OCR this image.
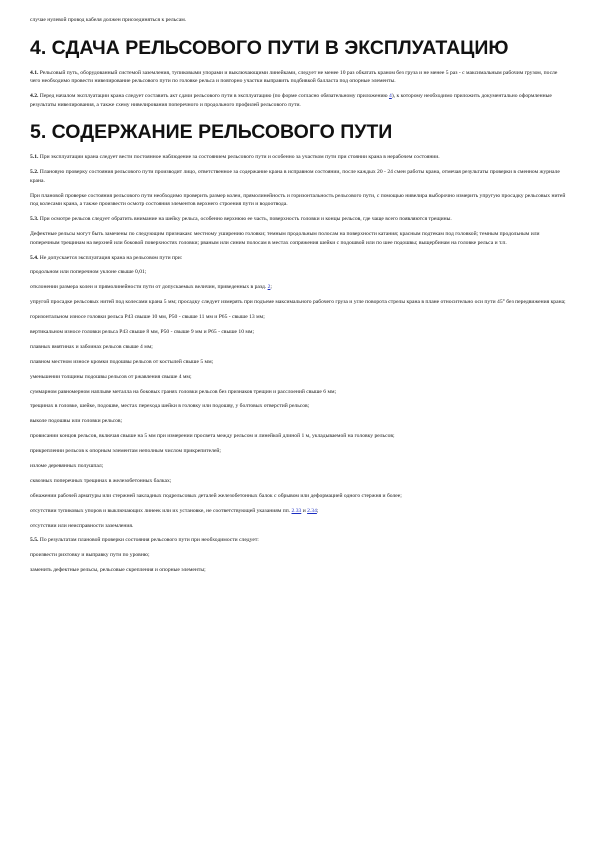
случае нулевой провод кабеля должен присоединяться к рельсам.

4. СДАЧА РЕЛЬСОВОГО ПУТИ В ЭКСПЛУАТАЦИЮ

4.1. Рельсовый путь, оборудованный системой заземления, тупиковыми упорами и выключающими линейками, следует не менее 10 раз обкатать краном без груза и не менее 5 раз - с максимальным рабочим грузом, после чего необходимо провести нивелирование рельсового пути по головке рельса и повторно участки выправить подбивкой балласта под опорные элементы.

4.2. Перед началом эксплуатации крана следует составить акт сдачи рельсового пути в эксплуатацию (по форме согласно обязательному приложению 4), к которому необходимо приложить документально оформленные результаты нивелирования, а также схему нивелирования поперечного и продольного профилей рельсового пути.

5. СОДЕРЖАНИЕ РЕЛЬСОВОГО ПУТИ

5.1. При эксплуатации крана следует вести постоянное наблюдение за состоянием рельсового пути и особенно за участком пути при стоянии крана в нерабочем состоянии.

5.2. Плановую проверку состояния рельсового пути производит лицо, ответственное за содержание крана в исправном состоянии, после каждых 20 - 24 смен работы крана, отмечая результаты проверки в сменном журнале крана.

При плановой проверке состояния рельсового пути необходимо проверить размер колеи, прямолинейность и горизонтальность рельсового пути, с помощью нивелира выборочно измерить упругую просадку рельсовых нитей под колесами крана, а также произвести осмотр состояния элементов верхнего строения пути и водоотвода.

5.3. При осмотре рельсов следует обратить внимание на шейку рельса, особенно верхнюю ее часть, поверхность головки и концы рельсов, где чаще всего появляются трещины.

Дефектные рельсы могут быть замечены по следующим признакам: местному уширению головки; темным продольным полосам на поверхности катания; красным подтекам под головкой; темным продольным или поперечным трещинам на верхней или боковой поверхностях головки; рваным или синим полосам в местах сопряжения шейки с подошвой или по шее подошвы; выщербинам на головке рельса и т.п.

5.4. Не допускается эксплуатация крана на рельсовом пути при:

продольном или поперечном уклоне свыше 0,01;

отклонении размера колеи и прямолинейности пути от допускаемых величин, приведенных в разд. 2;

упругой просадке рельсовых нитей под колесами крана 5 мм; просадку следует измерять при подъеме максимального рабочего груза и угле поворота стрелы крана в плане относительно оси пути 45° без передвижения крана;

горизонтальном износе головки рельса Р43 свыше 10 мм, Р50 - свыше 11 мм и Р65 - свыше 13 мм;

вертикальном износе головки рельса Р43 свыше 8 мм, Р50 - свыше 9 мм и Р65 - свыше 10 мм;

плавных вмятинах и забоинах рельсов свыше 4 мм;

плавном местном износе кромки подошвы рельсов от костылей свыше 5 мм;

уменьшении толщины подошвы рельсов от ржавления свыше 4 мм;

суммарном равномерном наплыве металла на боковых гранях головки рельсов без признаков трещин и расслоений свыше 6 мм;

трещинах в головке, шейке, подошве, местах перехода шейки в головку или подошву, у болтовых отверстий рельсов;

выколе подошвы или головки рельсов;

провисании концов рельсов, включая свыше на 5 мм при измерении просвета между рельсом и линейкой длиной 1 м, укладываемой на головку рельсов;

прикреплении рельсов к опорным элементам неполным числом прикрепителей;

изломе деревянных полушпал;

сквозных поперечных трещинах в железобетонных балках;

обнажении рабочей арматуры или стержней закладных подрельсовых деталей железобетонных балок с обрывом или деформацией одного стержня и более;

отсутствии тупиковых упоров и выключающих линеек или их установке, не соответствующей указаниям пп. 2.33 и 2.34;

отсутствии или неисправности заземления.

5.5. По результатам плановой проверки состояния рельсового пути при необходимости следует:

произвести рихтовку и выправку пути по уровню;

заменить дефектные рельсы, рельсовые скрепления и опорные элементы;
